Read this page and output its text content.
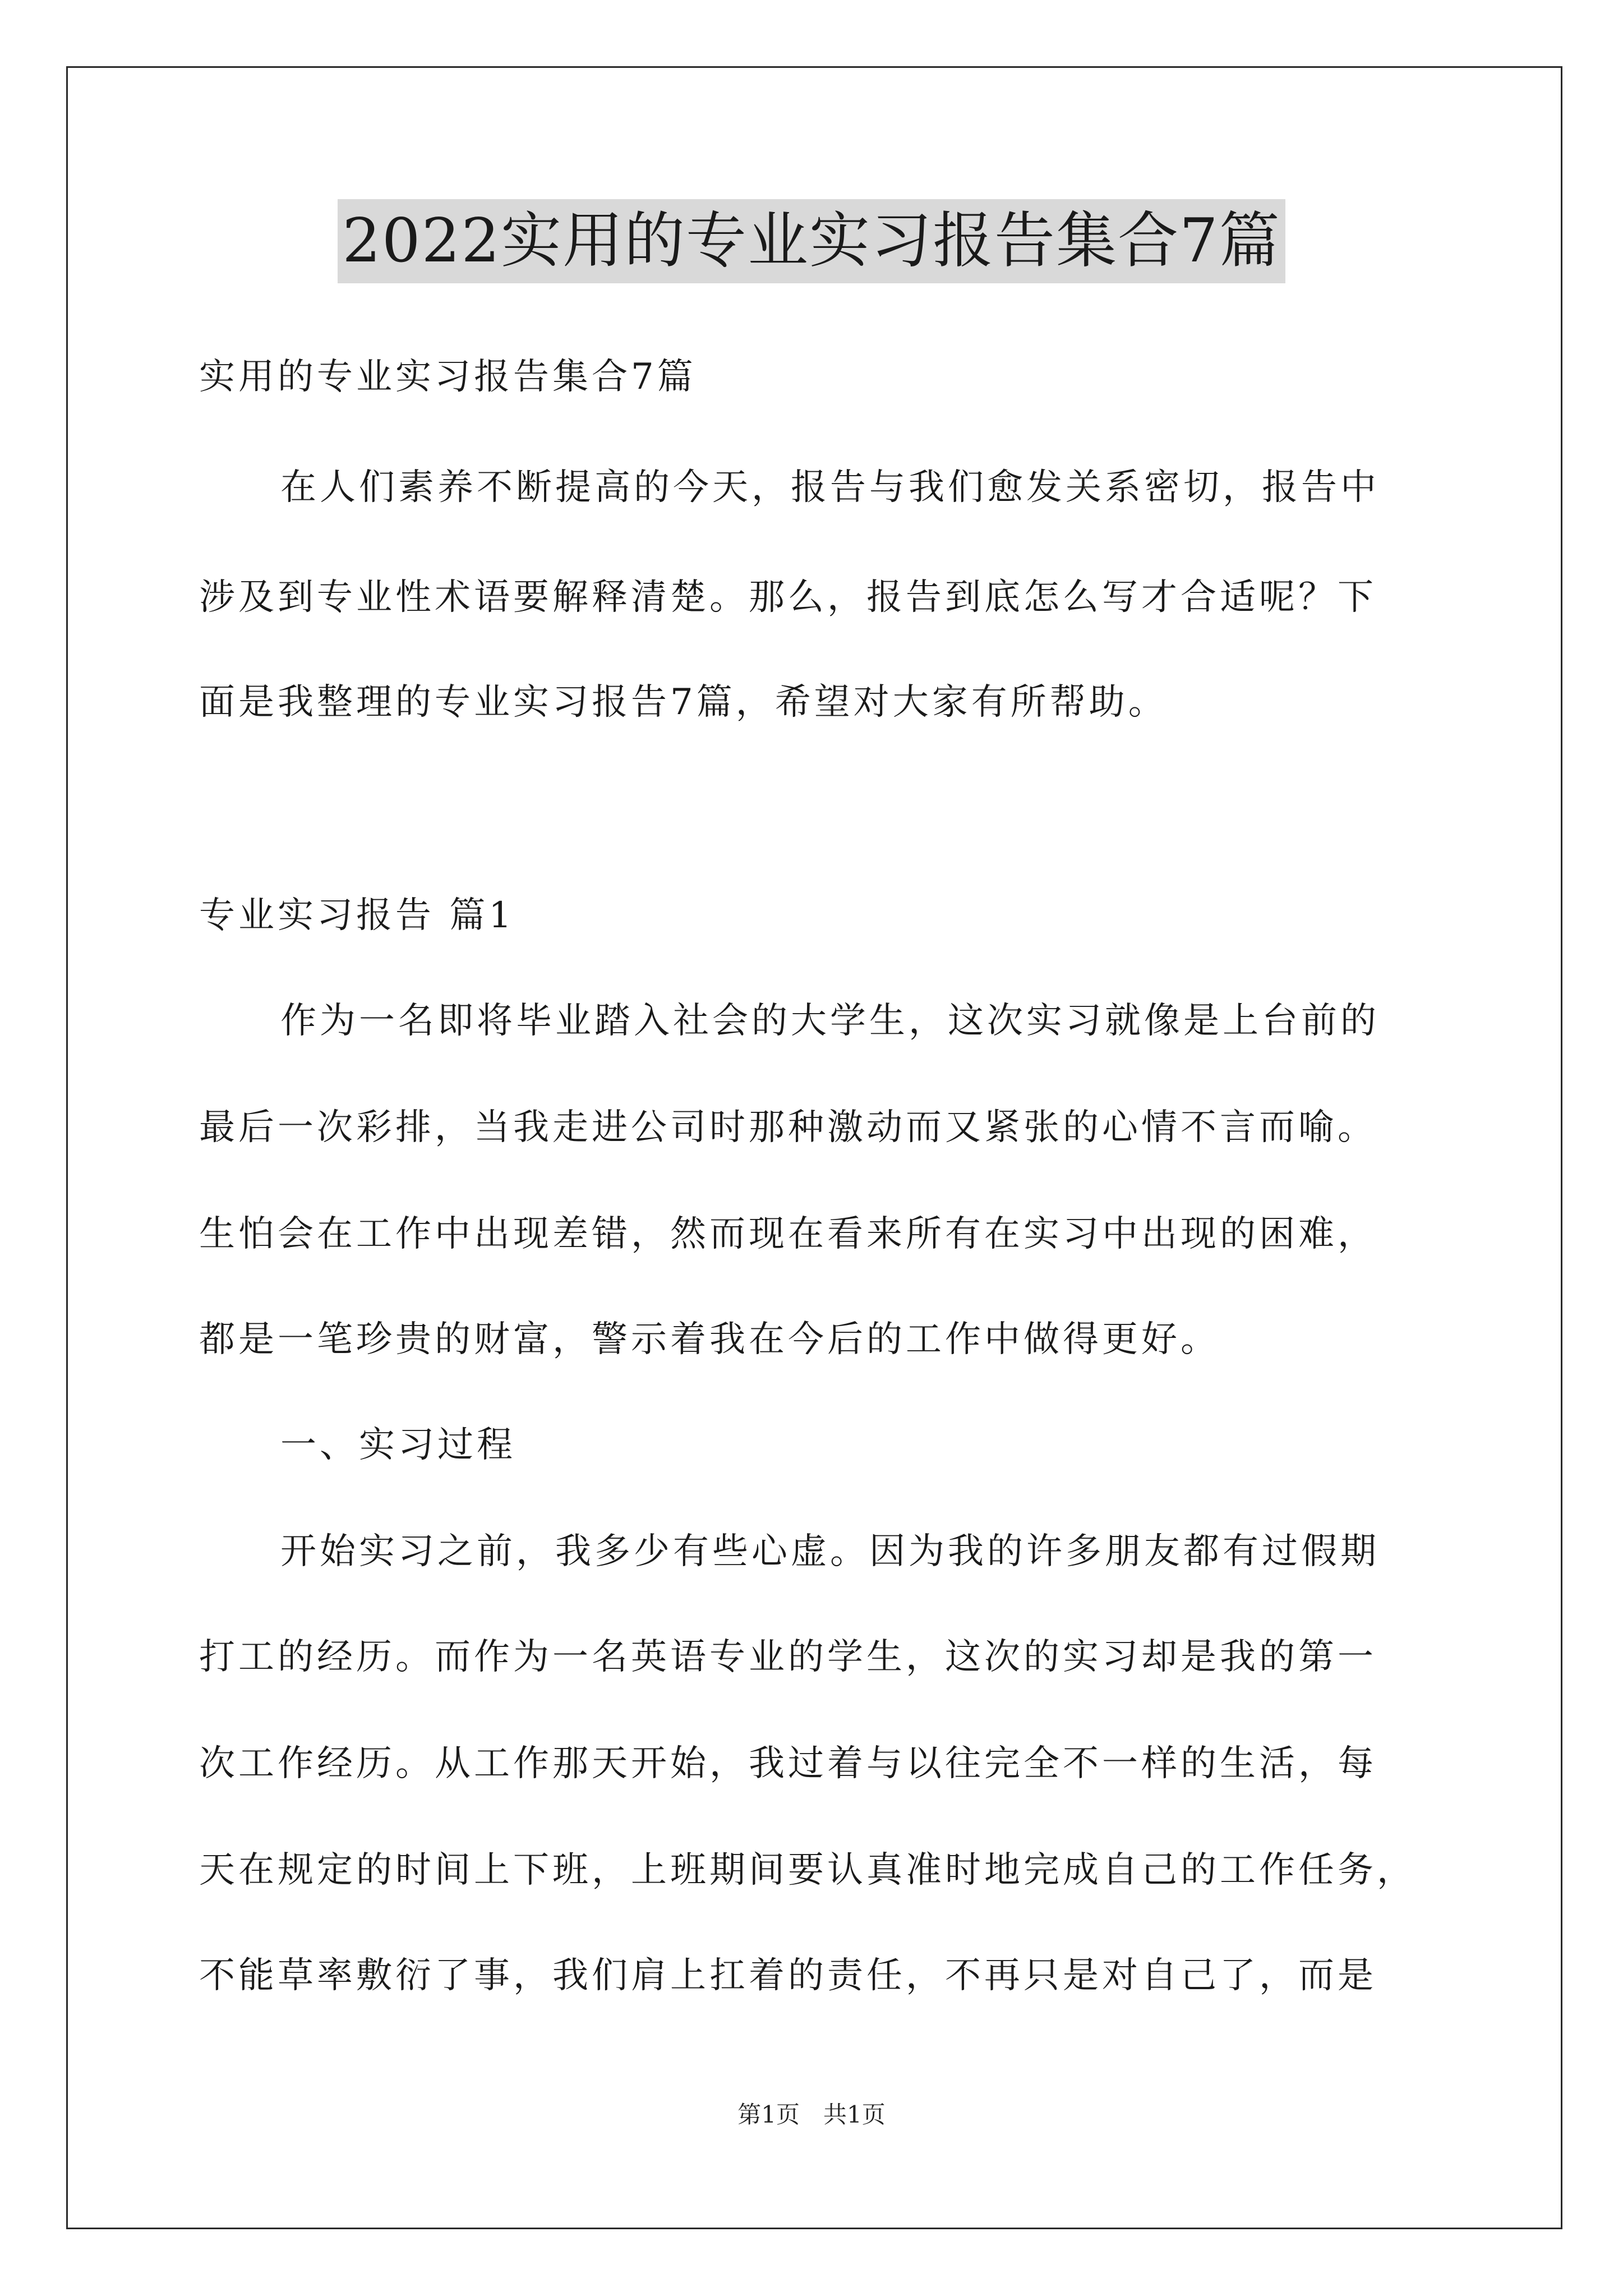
2022实用的专业实习报告集合7篇
实用的专业实习报告集合7篇
在人们素养不断提高的今天，报告与我们愈发关系密切，报告中
涉及到专业性术语要解释清楚。那么，报告到底怎么写才合适呢？下
面是我整理的专业实习报告7篇，希望对大家有所帮助。
专业实习报告 篇1
作为一名即将毕业踏入社会的大学生，这次实习就像是上台前的
最后一次彩排，当我走进公司时那种激动而又紧张的心情不言而喻。
生怕会在工作中出现差错，然而现在看来所有在实习中出现的困难，
都是一笔珍贵的财富，警示着我在今后的工作中做得更好。
一、实习过程
开始实习之前，我多少有些心虚。因为我的许多朋友都有过假期
打工的经历。而作为一名英语专业的学生，这次的实习却是我的第一
次工作经历。从工作那天开始，我过着与以往完全不一样的生活，每
天在规定的时间上下班，上班期间要认真准时地完成自己的工作任务，
不能草率敷衍了事，我们肩上扛着的责任，不再只是对自己了，而是
第1页　共1页
